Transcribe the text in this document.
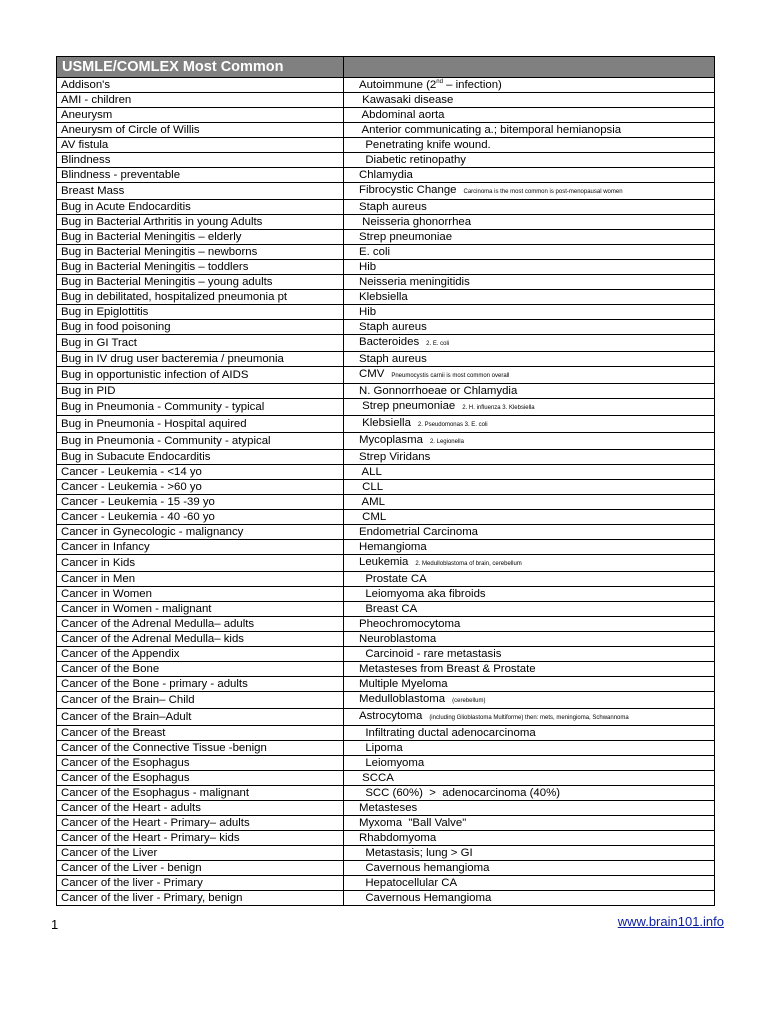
USMLE/COMLEX Most Common	
Addison's	Autoimmune (2nd – infection)
AMI - children	Kawasaki disease
Aneurysm	Abdominal aorta
Aneurysm of Circle of Willis	Anterior communicating a.; bitemporal hemianopsia
AV fistula	Penetrating knife wound.
Blindness	Diabetic retinopathy
Blindness - preventable	Chlamydia
Breast Mass	Fibrocystic Change Carcinoma is the most common is post-menopausal women
Bug in Acute Endocarditis	Staph aureus
Bug in Bacterial Arthritis in young Adults	Neisseria ghonorrhea
Bug in Bacterial Meningitis – elderly	Strep pneumoniae
Bug in Bacterial Meningitis – newborns	E. coli
Bug in Bacterial Meningitis – toddlers	Hib
Bug in Bacterial Meningitis – young adults	Neisseria meningitidis
Bug in debilitated, hospitalized pneumonia pt	Klebsiella
Bug in Epiglottitis	Hib
Bug in food poisoning	Staph aureus
Bug in GI Tract	Bacteroides 2. E. coli
Bug in IV drug user bacteremia / pneumonia	Staph aureus
Bug in opportunistic infection of AIDS	CMV Pneumocystis carnii is most common overall
Bug in PID	N. Gonnorrhoeae or Chlamydia
Bug in Pneumonia - Community - typical	Strep pneumoniae 2. H. influenza 3. Klebsiella
Bug in Pneumonia - Hospital aquired	Klebsiella 2. Pseudomonas 3. E. coli
Bug in Pneumonia - Community - atypical	Mycoplasma 2. Legionella
Bug in Subacute Endocarditis	Strep Viridans
Cancer - Leukemia - <14 yo	ALL
Cancer - Leukemia - >60 yo	CLL
Cancer - Leukemia - 15 -39 yo	AML
Cancer - Leukemia - 40 -60 yo	CML
Cancer in Gynecologic - malignancy	Endometrial Carcinoma
Cancer in Infancy	Hemangioma
Cancer in Kids	Leukemia 2. Medulloblastoma of brain, cerebellum
Cancer in Men	Prostate CA
Cancer in Women	Leiomyoma aka fibroids
Cancer in Women - malignant	Breast CA
Cancer of the Adrenal Medulla– adults	Pheochromocytoma
Cancer of the Adrenal Medulla– kids	Neuroblastoma
Cancer of the Appendix	Carcinoid - rare metastasis
Cancer of the Bone	Metasteses from Breast & Prostate
Cancer of the Bone - primary - adults	Multiple Myeloma
Cancer of the Brain– Child	Medulloblastoma (cerebellum)
Cancer of the Brain–Adult	Astrocytoma (including Glioblastoma Multiforme) then: mets, meningioma, Schwannoma
Cancer of the Breast	Infiltrating ductal adenocarcinoma
Cancer of the Connective Tissue -benign	Lipoma
Cancer of the Esophagus	Leiomyoma
Cancer of the Esophagus	SCCA
Cancer of the Esophagus - malignant	SCC (60%)  >  adenocarcinoma (40%)
Cancer of the Heart - adults	Metasteses
Cancer of the Heart - Primary– adults	Myxoma  "Ball Valve"
Cancer of the Heart - Primary– kids	Rhabdomyoma
Cancer of the Liver	Metastasis; lung > GI
Cancer of the Liver - benign	Cavernous hemangioma
Cancer of the liver - Primary	Hepatocellular CA
Cancer of the liver - Primary, benign	Cavernous Hemangioma
1	www.brain101.info
